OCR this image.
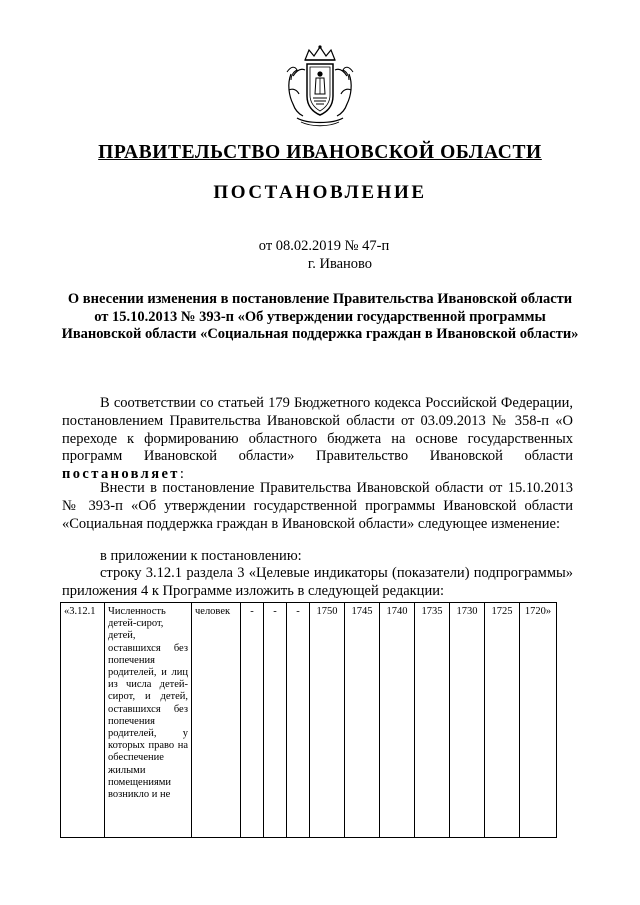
ПРАВИТЕЛЬСТВО ИВАНОВСКОЙ ОБЛАСТИ
ПОСТАНОВЛЕНИЕ
от 08.02.2019 № 47-п
г. Иваново
О внесении изменения в постановление Правительства Ивановской области от 15.10.2013 № 393-п «Об утверждении государственной программы Ивановской области «Социальная поддержка граждан в Ивановской области»
В соответствии со статьей 179 Бюджетного кодекса Российской Федерации, постановлением Правительства Ивановской области от 03.09.2013 № 358-п «О переходе к формированию областного бюджета на основе государственных программ Ивановской области» Правительство Ивановской области постановляет:
Внести в постановление Правительства Ивановской области от 15.10.2013 № 393-п «Об утверждении государственной программы Ивановской области «Социальная поддержка граждан в Ивановской области» следующее изменение:
в приложении к постановлению:
строку 3.12.1 раздела 3 «Целевые индикаторы (показатели) подпрограммы» приложения 4 к Программе изложить в следующей редакции:
«3.12.1	Численность детей-сирот, детей, оставшихся без попечения родителей, и лиц из числа детей-сирот, и детей, оставшихся без попечения родителей, у которых право на обеспечение жилыми помещениями возникло и не	человек	-	-	-	1750	1745	1740	1735	1730	1725	1720»
